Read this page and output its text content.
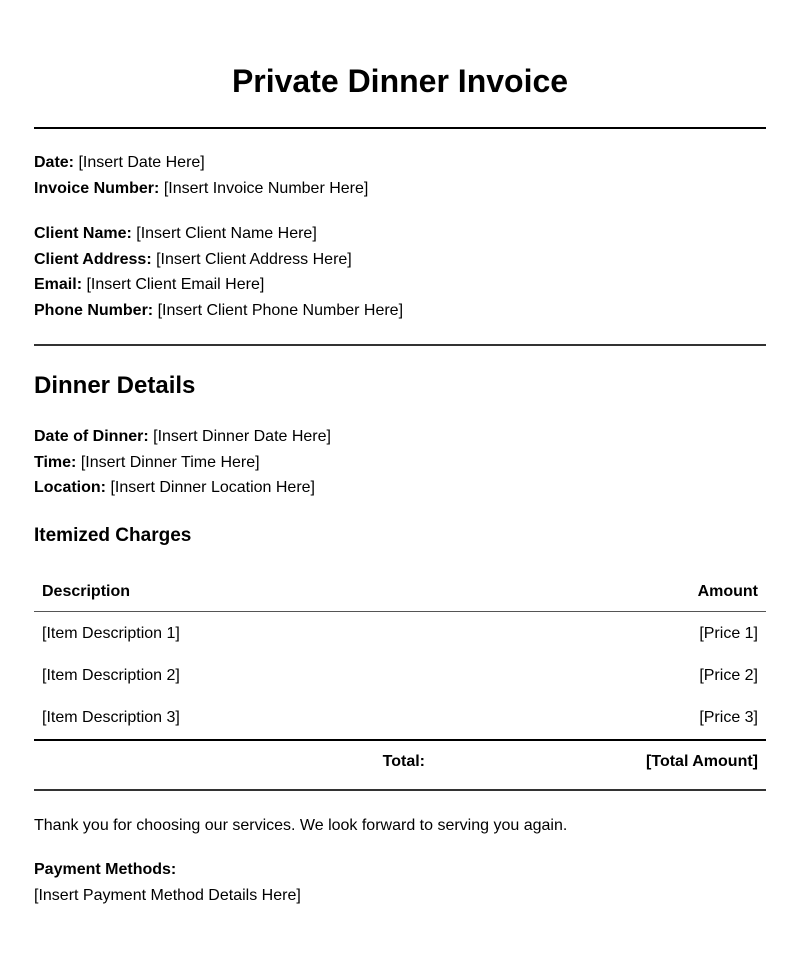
Private Dinner Invoice
Date: [Insert Date Here]
Invoice Number: [Insert Invoice Number Here]
Client Name: [Insert Client Name Here]
Client Address: [Insert Client Address Here]
Email: [Insert Client Email Here]
Phone Number: [Insert Client Phone Number Here]
Dinner Details
Date of Dinner: [Insert Dinner Date Here]
Time: [Insert Dinner Time Here]
Location: [Insert Dinner Location Here]
Itemized Charges
Description	Amount
[Item Description 1]	[Price 1]
[Item Description 2]	[Price 2]
[Item Description 3]	[Price 3]
Total:	[Total Amount]
Thank you for choosing our services. We look forward to serving you again.
Payment Methods:
[Insert Payment Method Details Here]
